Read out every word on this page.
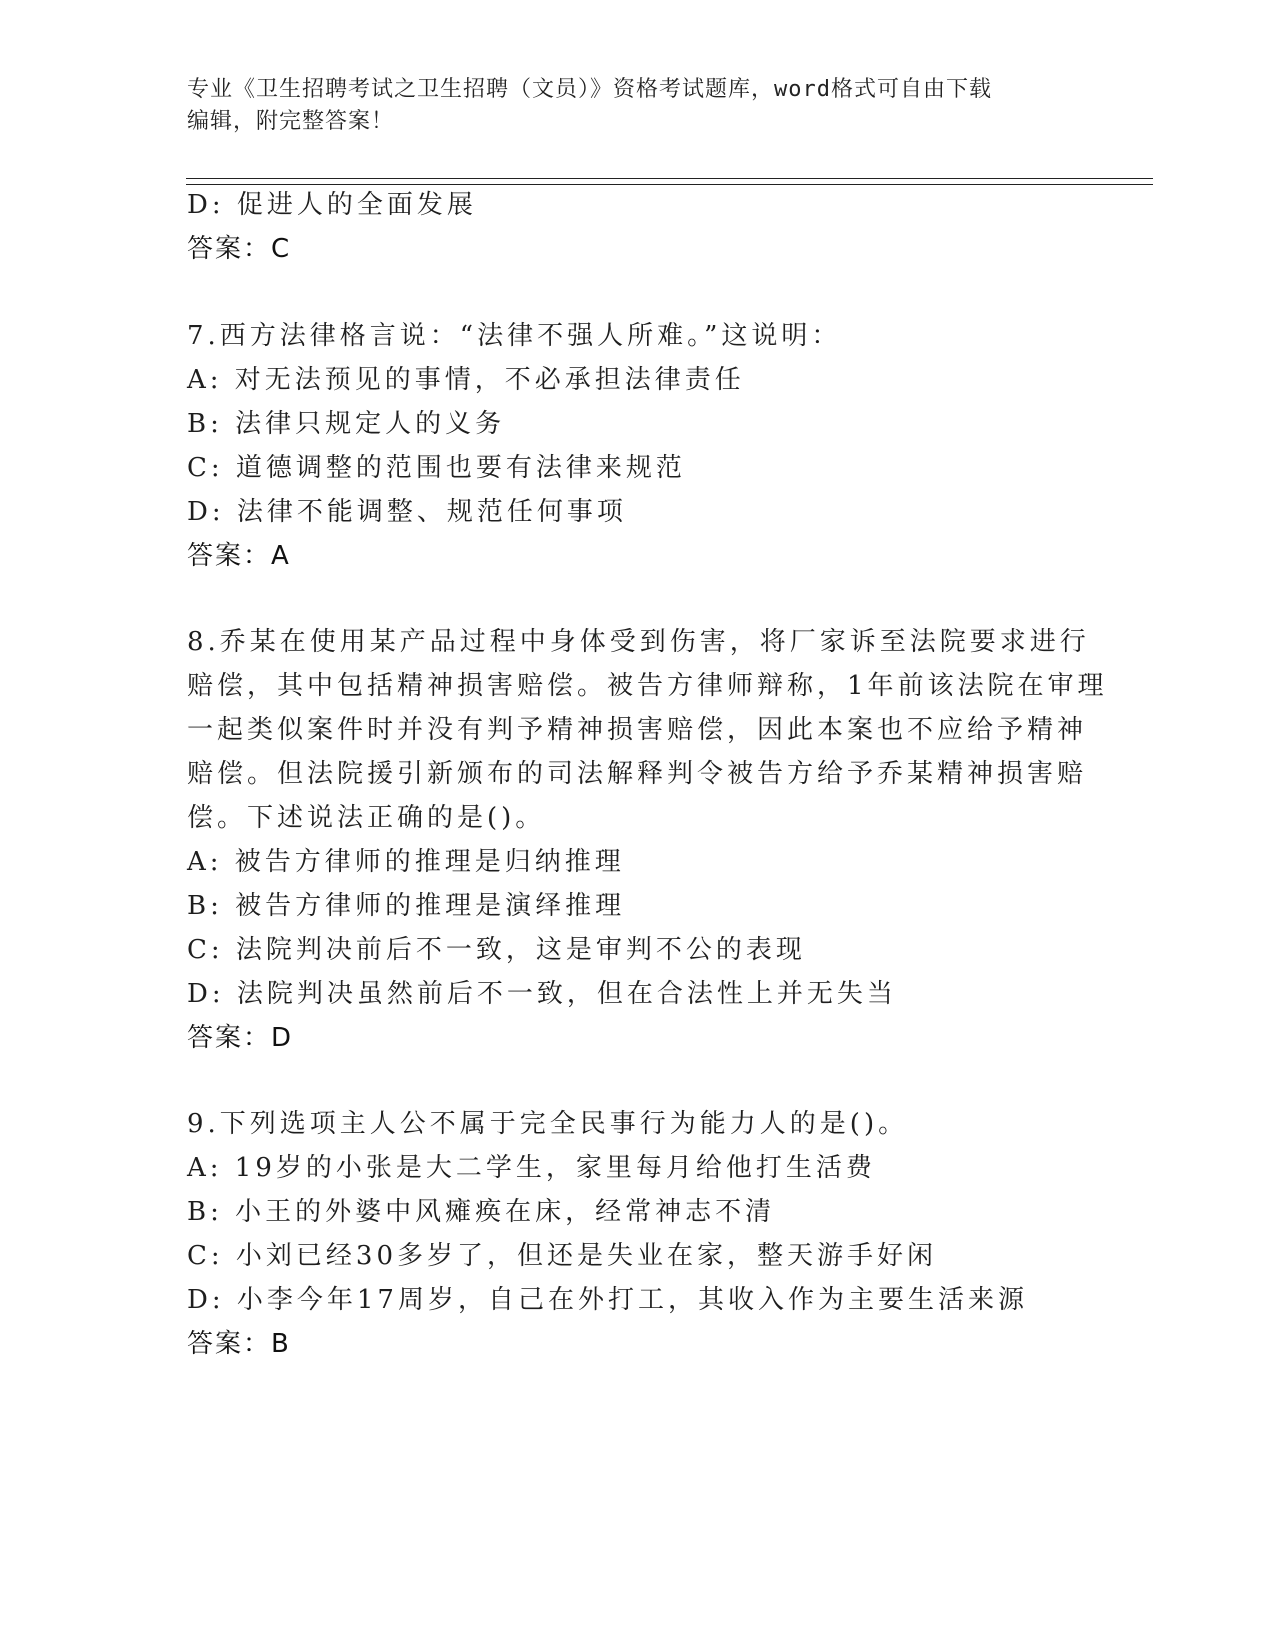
专业《卫生招聘考试之卫生招聘（文员）》资格考试题库，word格式可自由下载
编辑，附完整答案！
D: 促进人的全面发展
答案：C
7.西方法律格言说：“法律不强人所难。”这说明：
A: 对无法预见的事情，不必承担法律责任
B: 法律只规定人的义务
C: 道德调整的范围也要有法律来规范
D: 法律不能调整、规范任何事项
答案：A
8.乔某在使用某产品过程中身体受到伤害，将厂家诉至法院要求进行
赔偿，其中包括精神损害赔偿。被告方律师辩称，1年前该法院在审理
一起类似案件时并没有判予精神损害赔偿，因此本案也不应给予精神
赔偿。但法院援引新颁布的司法解释判令被告方给予乔某精神损害赔
偿。下述说法正确的是()。
A: 被告方律师的推理是归纳推理
B: 被告方律师的推理是演绎推理
C: 法院判决前后不一致，这是审判不公的表现
D: 法院判决虽然前后不一致，但在合法性上并无失当
答案：D
9.下列选项主人公不属于完全民事行为能力人的是()。
A: 19岁的小张是大二学生，家里每月给他打生活费
B: 小王的外婆中风瘫痪在床，经常神志不清
C: 小刘已经30多岁了，但还是失业在家，整天游手好闲
D: 小李今年17周岁，自己在外打工，其收入作为主要生活来源
答案：B
